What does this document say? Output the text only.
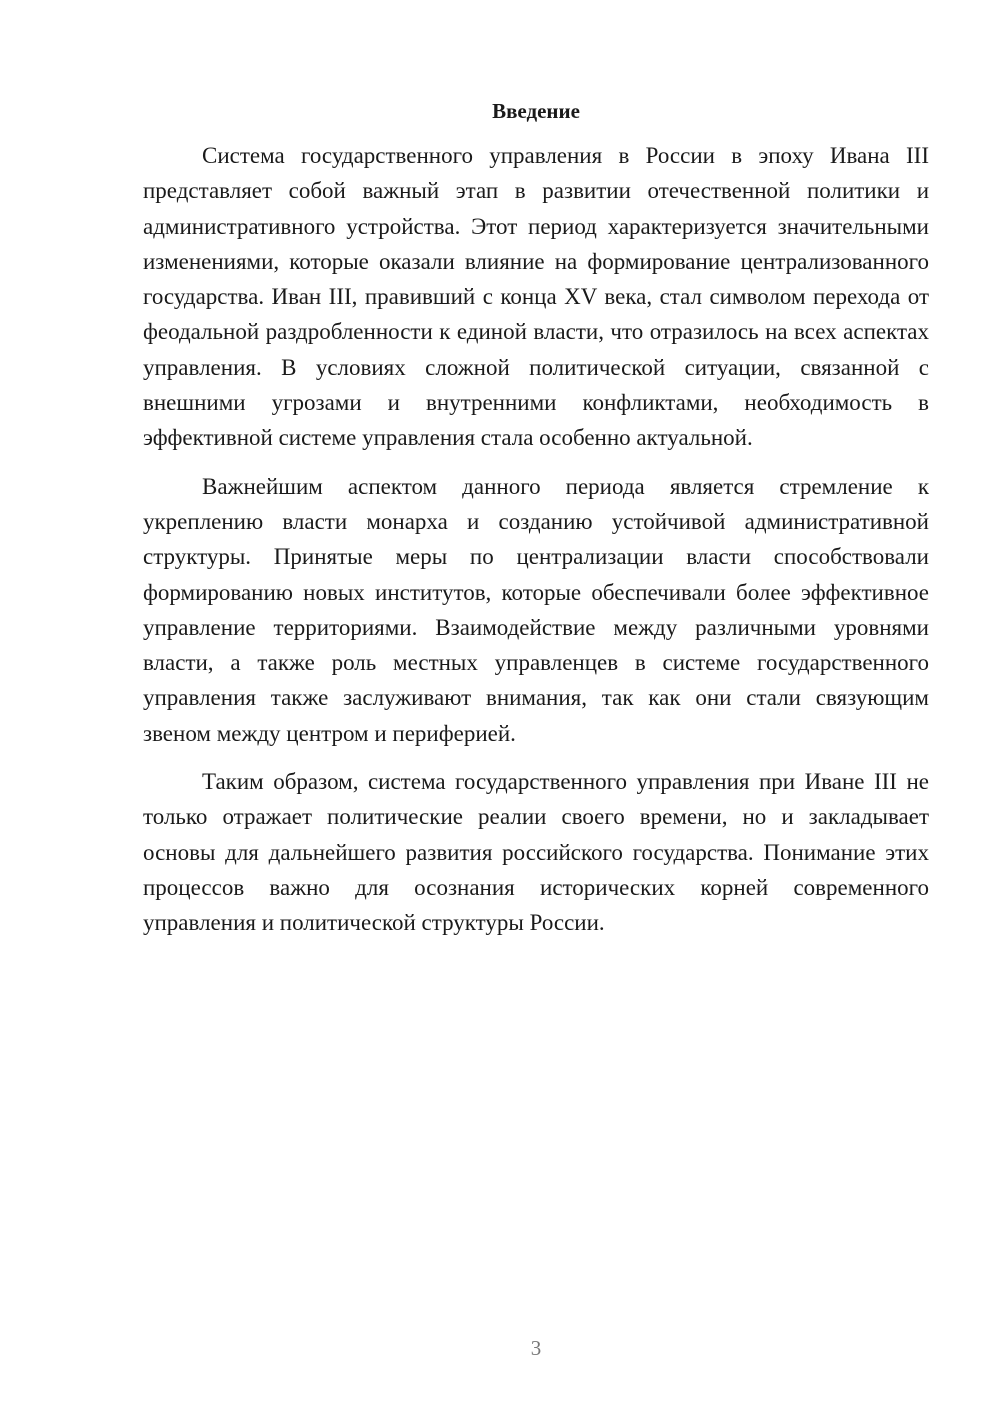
Введение

Система государственного управления в России в эпоху Ивана III представляет собой важный этап в развитии отечественной политики и административного устройства. Этот период характеризуется значительными изменениями, которые оказали влияние на формирование централизованного государства. Иван III, правивший с конца XV века, стал символом перехода от феодальной раздробленности к единой власти, что отразилось на всех аспектах управления. В условиях сложной политической ситуации, связанной с внешними угрозами и внутренними конфликтами, необходимость в эффективной системе управления стала особенно актуальной.

Важнейшим аспектом данного периода является стремление к укреплению власти монарха и созданию устойчивой административной структуры. Принятые меры по централизации власти способствовали формированию новых институтов, которые обеспечивали более эффективное управление территориями. Взаимодействие между различными уровнями власти, а также роль местных управленцев в системе государственного управления также заслуживают внимания, так как они стали связующим звеном между центром и периферией.

Таким образом, система государственного управления при Иване III не только отражает политические реалии своего времени, но и закладывает основы для дальнейшего развития российского государства. Понимание этих процессов важно для осознания исторических корней современного управления и политической структуры России.

3
